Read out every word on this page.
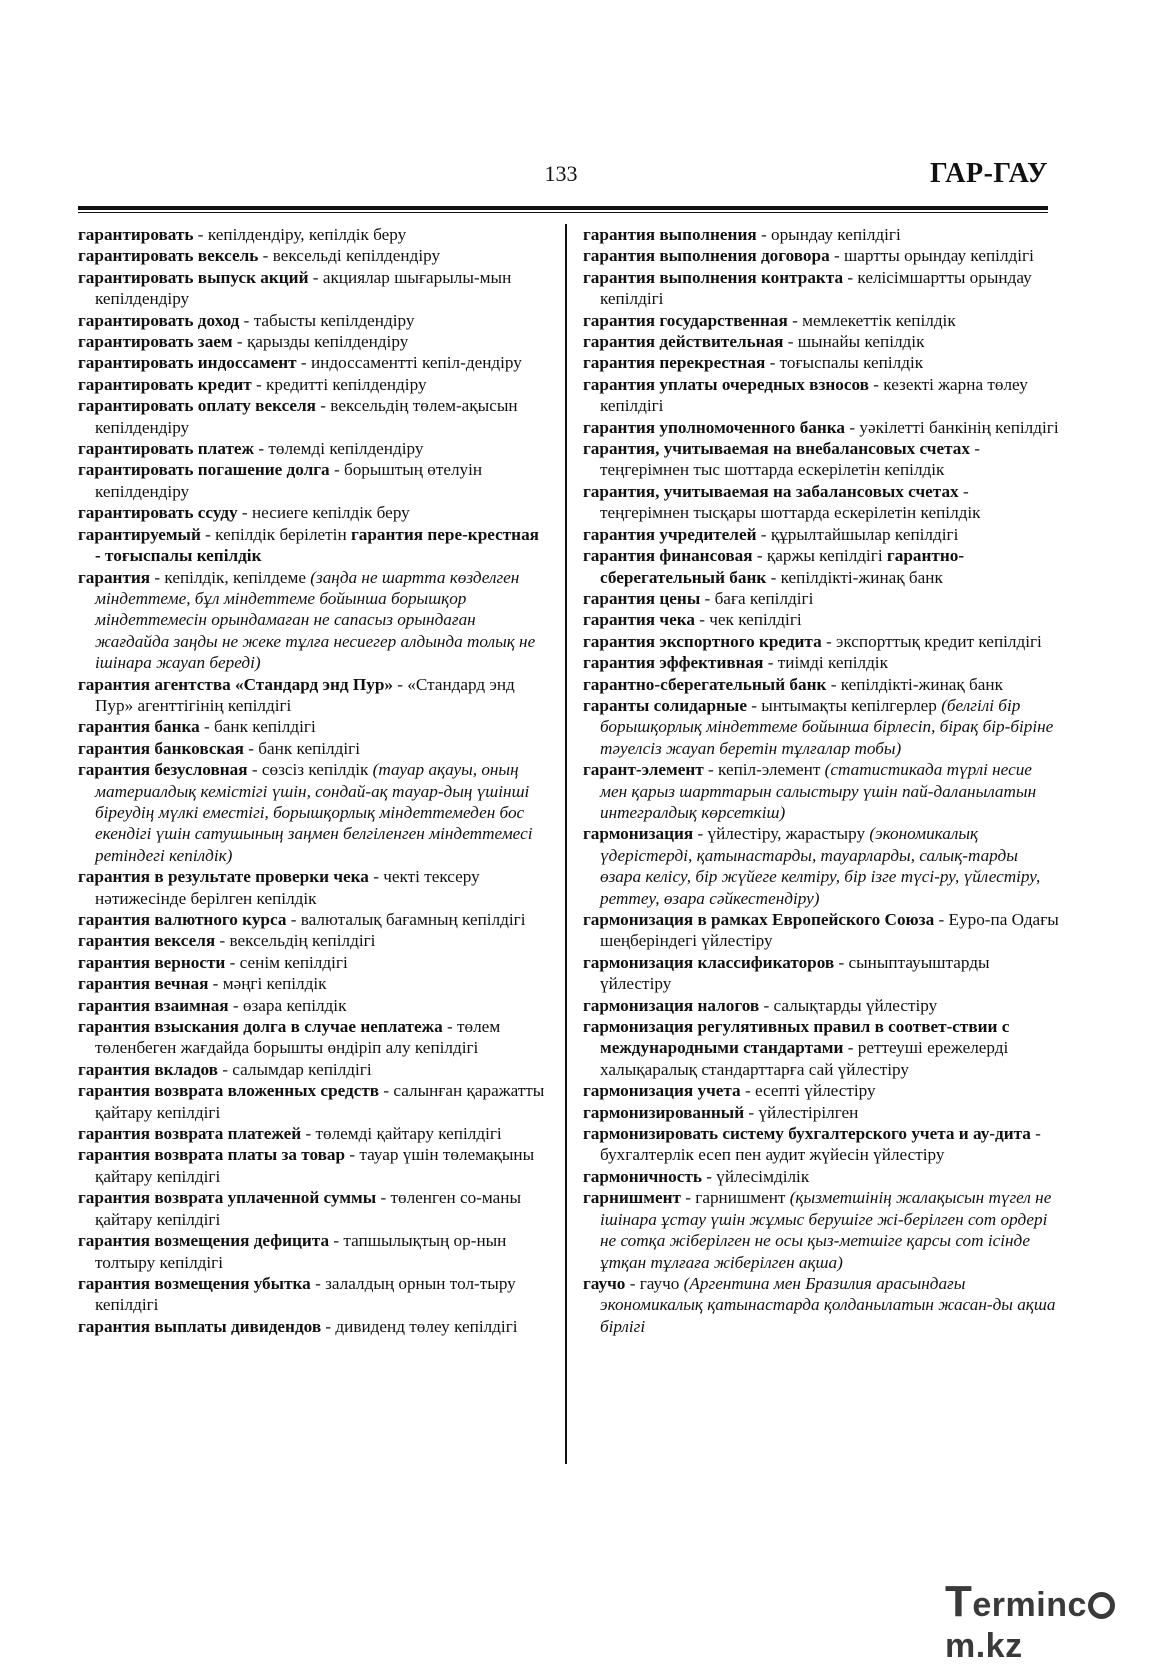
133	ГАР-ГАУ

гарантировать - кепілдендіру, кепілдік беру

гарантировать вексель - вексельді кепілдендіру

гарантировать выпуск акций - акциялар шығарылы-мын кепілдендіру

гарантировать доход - табысты кепілдендіру

гарантировать заем - қарызды кепілдендіру

гарантировать индоссамент - индоссаменттi кепіл-дендіру

гарантировать кредит - кредитті кепілдендіру

гарантировать оплату векселя - вексельдің төлем-ақысын кепілдендіру

гарантировать платеж - төлемді кепілдендіру

гарантировать погашение долга - борыштың өтелуін кепілдендіру

гарантировать ссуду - несиеге кепілдік беру

гарантируемый - кепілдік берілетін гарантия пере-крестная - тоғыспалы кепілдік

гарантия - кепілдік, кепілдеме (заңда не шартта көзделген міндеттеме, бұл міндеттеме бойынша борышқор міндеттемесін орындамаған не сапасыз орындаған жағдайда заңды не жеке тұлға несиегер алдында толық не ішінара жауап береді)

гарантия агентства «Стандард энд Пур» - «Стандард энд Пур» агенттігінің кепілдігі

гарантия банка - банк кепілдігі

гарантия банковская - банк кепілдігі

гарантия безусловная - сөзсіз кепілдік (тауар ақауы, оның материалдық кемістігі үшін, сондай-ақ тауар-дың үшінші біреудің мүлкі еместігі, борышқорлық міндеттемеден бос екендігі үшін сатушының заңмен белгіленген міндеттемесі ретіндегі кепілдік)

гарантия в результате проверки чека - чекті тексеру нәтижесінде берілген кепілдік

гарантия валютного курса - валюталық бағамның кепілдігі

гарантия векселя - вексельдің кепілдігі

гарантия верности - сенім кепілдігі

гарантия вечная - мәңгі кепілдік

гарантия взаимная - өзара кепілдік

гарантия взыскания долга в случае неплатежа - төлем төленбеген жағдайда борышты өндіріп алу кепілдігі

гарантия вкладов - салымдар кепілдігі

гарантия возврата вложенных средств - салынған қаражатты қайтару кепілдігі

гарантия возврата платежей - төлемді қайтару кепілдігі

гарантия возврата платы за товар - тауар үшін төлемақыны қайтару кепілдігі

гарантия возврата уплаченной суммы - төленген со-маны қайтару кепілдігі

гарантия возмещения дефицита - тапшылықтың ор-нын толтыру кепілдігі

гарантия возмещения убытка - залалдың орнын тол-тыру кепілдігі

гарантия выплаты дивидендов - дивиденд төлеу кепілдігі

гарантия выполнения - орындау кепілдігі

гарантия выполнения договора - шартты орындау кепілдігі

гарантия выполнения контракта - келісімшартты орындау кепілдігі

гарантия государственная - мемлекеттік кепілдік

гарантия действительная - шынайы кепілдік

гарантия перекрестная - тоғыспалы кепілдік

гарантия уплаты очередных взносов - кезекті жарна төлеу кепілдігі

гарантия уполномоченного банка - уәкілетті банкінің кепілдігі

гарантия, учитываемая на внебалансовых счетах - теңгерімнен тыс шоттарда ескерілетін кепілдік

гарантия, учитываемая на забалансовых счетах - теңгерімнен тысқары шоттарда ескерілетін кепілдік

гарантия учредителей - құрылтайшылар кепілдігі

гарантия финансовая - қаржы кепілдігі гарантно-сберегательный банк - кепілдікті-жинақ банк

гарантия цены - баға кепілдігі

гарантия чека - чек кепілдігі

гарантия экспортного кредита - экспорттық кредит кепілдігі

гарантия эффективная - тиімді кепілдік

гарантно-сберегательный банк - кепілдікті-жинақ банк

гаранты солидарные - ынтымақты кепілгерлер (белгілі бір борышқорлық міндеттеме бойынша бірлесіп, бірақ бір-біріне тәуелсіз жауап беретін тұлғалар тобы)

гарант-элемент - кепіл-элемент (статистикада түрлі несие мен қарыз шарттарын салыстыру үшін пай-даланылатын интегралдық көрсеткіш)

гармонизация - үйлестіру, жарастыру (экономикалық үдерістерді, қатынастарды, тауарларды, салық-тарды өзара келісу, бір жүйеге келтіру, бір ізге түсі-ру, үйлестіру, реттеу, өзара сәйкестендіру)

гармонизация в рамках Европейского Союза - Еуро-па Одағы шеңберіндегі үйлестіру

гармонизация классификаторов - сыныптауыштарды үйлестіру

гармонизация налогов - салықтарды үйлестіру

гармонизация регулятивных правил в соответ-ствии с международными стандартами - реттеуші ережелерді халықаралық стандарттарға сай үйлестіру

гармонизация учета - есепті үйлестіру

гармонизированный - үйлестірілген

гармонизировать систему бухгалтерского учета и ау-дита - бухгалтерлік есеп пен аудит жүйесін үйлестіру

гармоничность - үйлесімділік

гарнишмент - гарнишмент (қызметшінің жалақысын түгел не ішінара ұстау үшін жұмыс берушіге жі-берілген сот ордері не сотқа жіберілген не осы қыз-метшіге қарсы сот ісінде ұтқан тұлғаға жіберілген ақша)

гаучо - гаучо (Аргентина мен Бразилия арасындағы экономикалық қатынастарда қолданылатын жасан-ды ақша бірлігі

Termincm.kz
